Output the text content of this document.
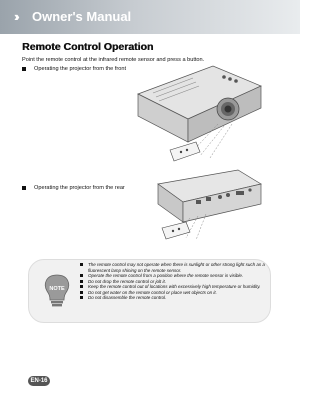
›› Owner's Manual
Remote Control Operation
Point the remote control at the infrared remote sensor and press a button.
Operating the projector from the front
Operating the projector from the rear
NOTE
The remote control may not operate when there is sunlight or other strong light such as a fluorescent lamp shining on the remote sensor.
Operate the remote control from a position where the remote sensor is visible.
Do not drop the remote control or jolt it.
Keep the remote control out of locations with excessively high temperature or humidity.
Do not get water on the remote control or place wet objects on it.
Do not disassemble the remote control.
EN-16
